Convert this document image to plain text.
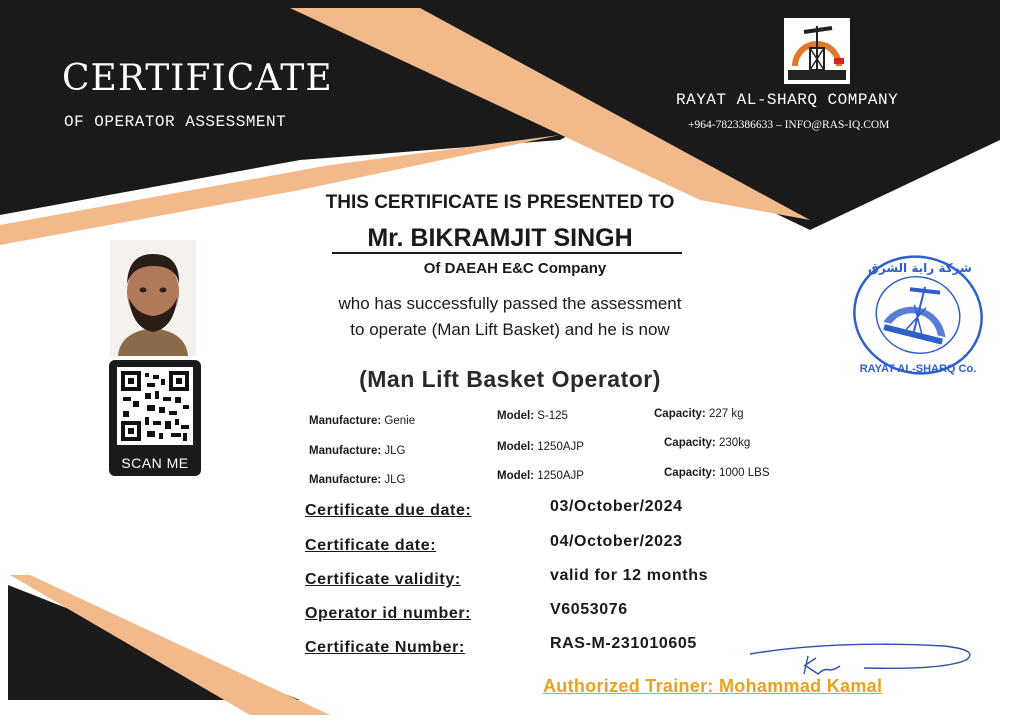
CERTIFICATE
OF OPERATOR ASSESSMENT
RAYAT AL-SHARQ COMPANY
+964-7823386633 – INFO@RAS-IQ.COM
THIS CERTIFICATE IS PRESENTED TO
Mr. BIKRAMJIT SINGH
Of DAEAH E&C Company
who has successfully passed the assessment
to operate (Man Lift Basket) and he is now
(Man Lift Basket Operator)
Manufacture: Genie	Model: S-125	Capacity: 227 kg
Manufacture: JLG	Model: 1250AJP	Capacity: 230kg
Manufacture: JLG	Model: 1250AJP	Capacity: 1000 LBS
Certificate due date:	03/October/2024
Certificate date:	04/October/2023
Certificate validity:	valid for 12 months
Operator id number:	V6053076
Certificate Number:	RAS-M-231010605
SCAN ME
شركة راية الشرق
RAYAT AL-SHARQ Co.
Authorized Trainer: Mohammad Kamal
